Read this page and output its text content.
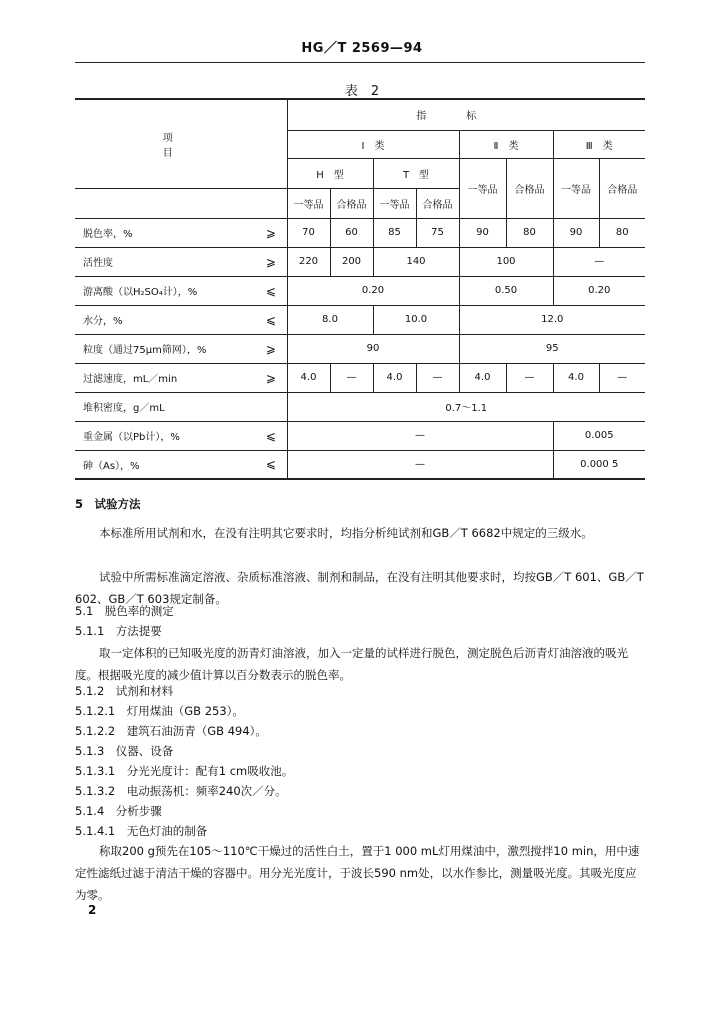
HG／T 2569—94
表　2
项　　　　目		指标							
		Ⅰ　类				Ⅱ　类		Ⅲ　类	
		H　型		T　型		一等品	合格品	一等品	合格品
		一等品	合格品	一等品	合格品				
脱色率，%	⩾	70	60	85	75	90	80	90	80
活性度	⩾	220	200	140		100		—	
游离酸（以H₂SO₄计），%	⩽	0.20				0.50		0.20	
水分，%	⩽	8.0		10.0		12.0			
粒度（通过75μm筛网），%	⩾	90				95			
过滤速度，mL／min	⩾	4.0	—	4.0	—	4.0	—	4.0	—
堆积密度，g／mL		0.7～1.1							
重金属（以Pb计），%	⩽	—						0.005	
砷（As），%	⩽	—						0.000 5	
5　试验方法
本标准所用试剂和水，在没有注明其它要求时，均指分析纯试剂和GB／T 6682中规定的三级水。
试验中所需标准滴定溶液、杂质标准溶液、制剂和制品，在没有注明其他要求时，均按GB／T 601、GB／T 602、GB／T 603规定制备。
5.1　脱色率的测定
5.1.1　方法提要
取一定体积的已知吸光度的沥青灯油溶液，加入一定量的试样进行脱色，测定脱色后沥青灯油溶液的吸光度。根据吸光度的减少值计算以百分数表示的脱色率。
5.1.2　试剂和材料
5.1.2.1　灯用煤油（GB 253）。
5.1.2.2　建筑石油沥青（GB 494）。
5.1.3　仪器、设备
5.1.3.1　分光光度计：配有1 cm吸收池。
5.1.3.2　电动振荡机：频率240次／分。
5.1.4　分析步骤
5.1.4.1　无色灯油的制备
称取200 g预先在105～110℃干燥过的活性白土，置于1 000 mL灯用煤油中，激烈搅拌10 min，用中速定性滤纸过滤于清洁干燥的容器中。用分光光度计，于波长590 nm处，以水作参比，测量吸光度。其吸光度应为零。
2
